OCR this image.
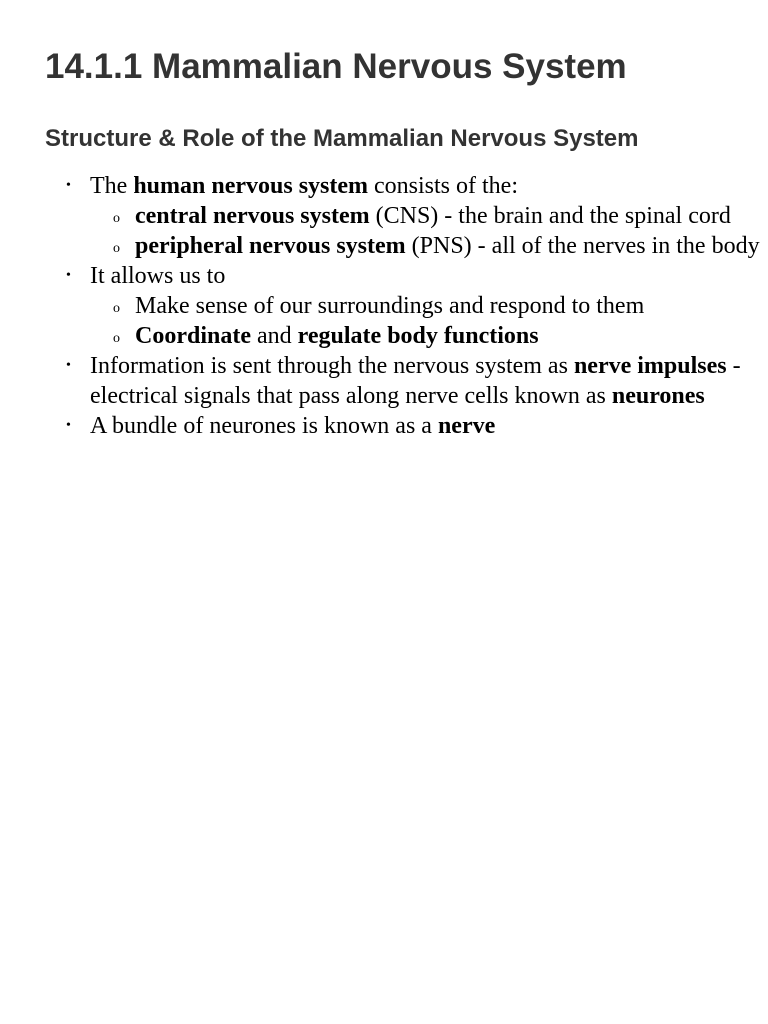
14.1.1 Mammalian Nervous System
Structure & Role of the Mammalian Nervous System
• The human nervous system consists of the:
o central nervous system (CNS) - the brain and the spinal cord
o peripheral nervous system (PNS) - all of the nerves in the body
• It allows us to
o Make sense of our surroundings and respond to them
o Coordinate and regulate body functions
• Information is sent through the nervous system as nerve impulses - electrical signals that pass along nerve cells known as neurones
• A bundle of neurones is known as a nerve
